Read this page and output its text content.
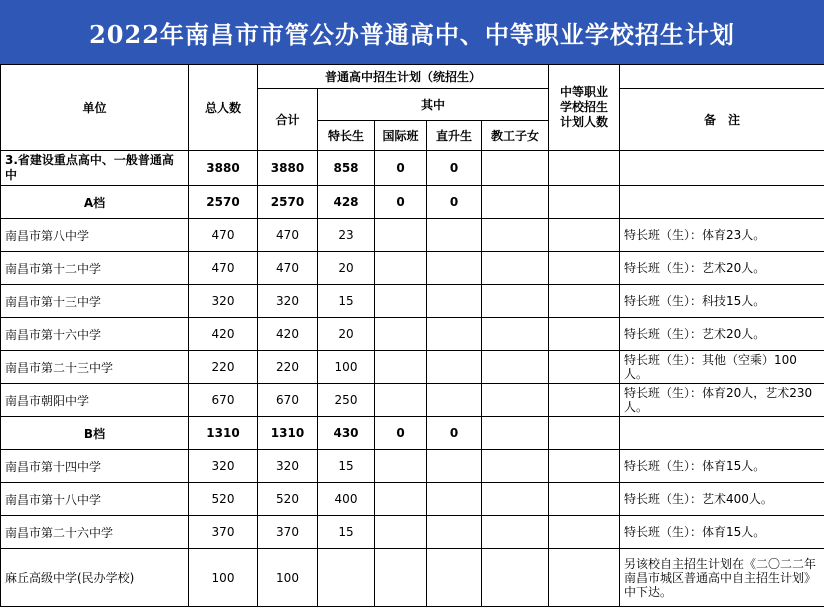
2022年南昌市市管公办普通高中、中等职业学校招生计划
单位	总人数	普通高中招生计划（统招生）					中等职业学校招生计划人数	
		合计	其中					备　注
			特长生	国际班	直升生	教工子女		
3.省建设重点高中、一般普通高中	3880	3880	858	0	0			
A档	2570	2570	428	0	0			
南昌市第八中学	470	470	23					特长班（生）：体育23人。
南昌市第十二中学	470	470	20					特长班（生）：艺术20人。
南昌市第十三中学	320	320	15					特长班（生）：科技15人。
南昌市第十六中学	420	420	20					特长班（生）：艺术20人。
南昌市第二十三中学	220	220	100					特长班（生）：其他（空乘）100人。
南昌市朝阳中学	670	670	250					特长班（生）：体育20人，艺术230人。
B档	1310	1310	430	0	0			
南昌市第十四中学	320	320	15					特长班（生）：体育15人。
南昌市第十八中学	520	520	400					特长班（生）：艺术400人。
南昌市第二十六中学	370	370	15					特长班（生）：体育15人。
麻丘高级中学(民办学校)	100	100						另该校自主招生计划在《二〇二二年南昌市城区普通高中自主招生计划》中下达。
